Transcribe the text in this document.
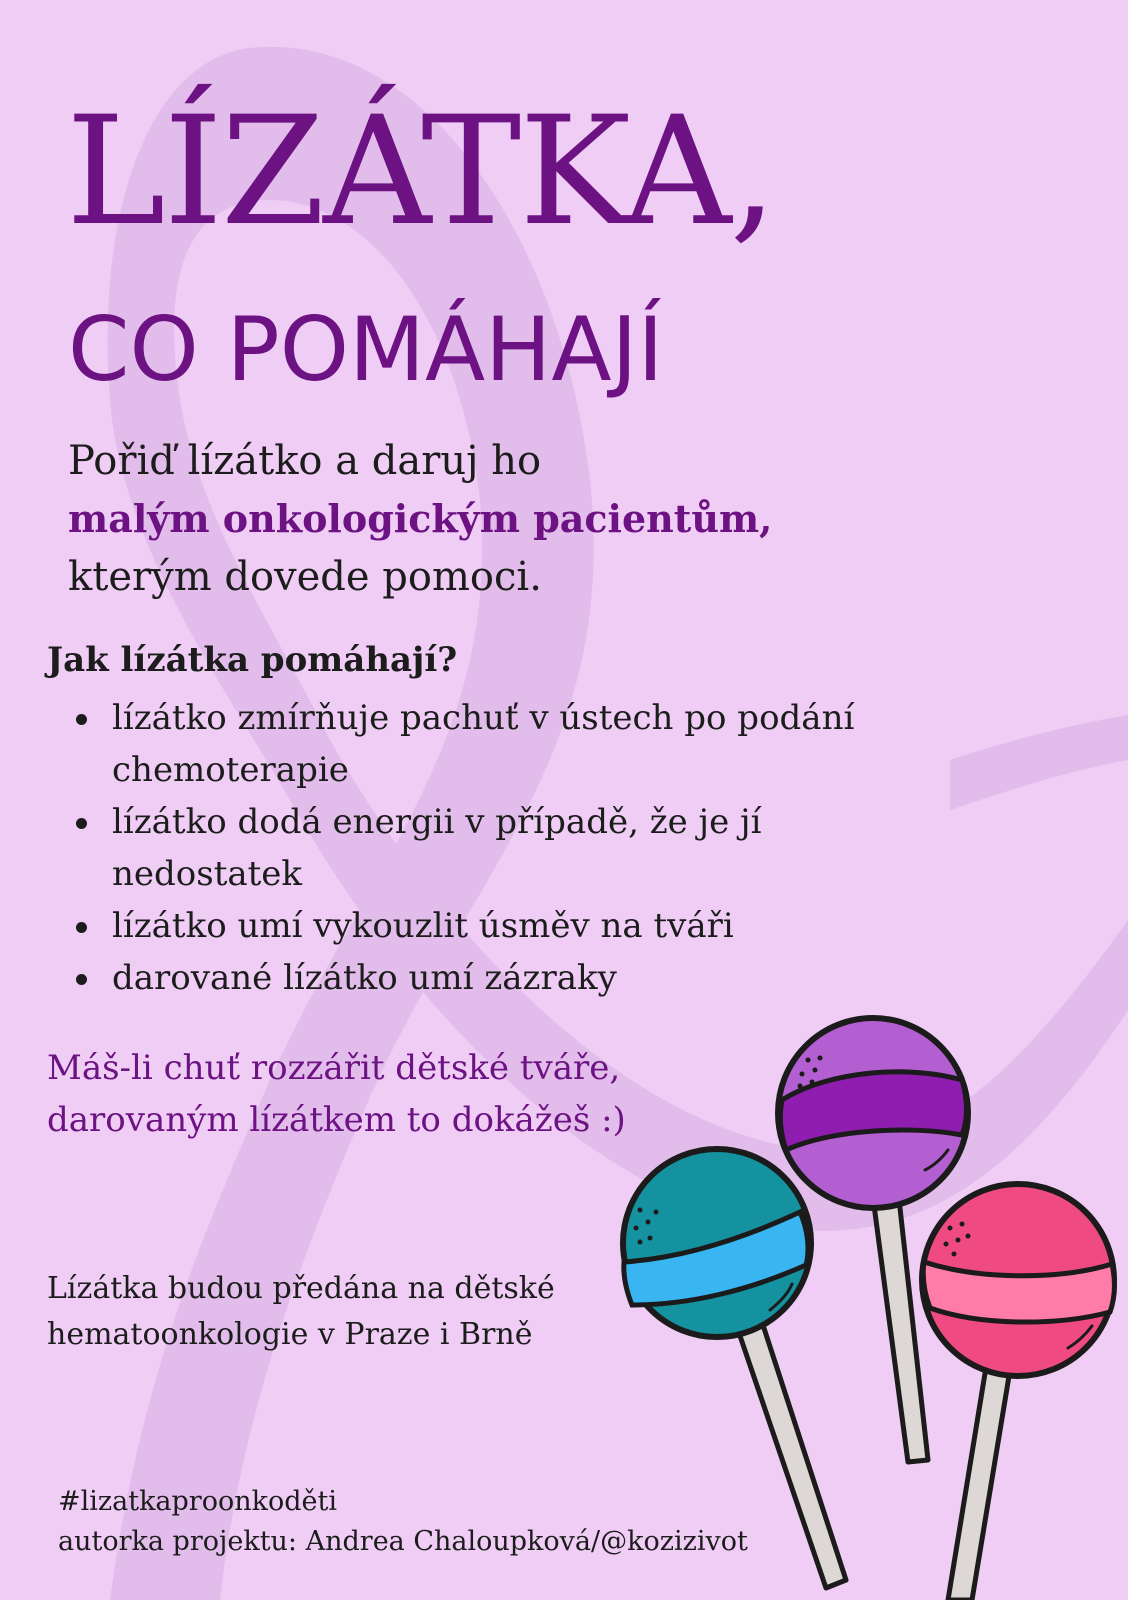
LÍZÁTKA,
CO POMÁHAJÍ
Pořiď lízátko a daruj ho
malým onkologickým pacientům,
kterým dovede pomoci.
Jak lízátka pomáhají?
lízátko zmírňuje pachuť v ústech po podání
chemoterapie
lízátko dodá energii v případě, že je jí
nedostatek
lízátko umí vykouzlit úsměv na tváři
darované lízátko umí zázraky
Máš-li chuť rozzářit dětské tváře,
darovaným lízátkem to dokážeš :)
Lízátka budou předána na dětské
hematoonkologie v Praze i Brně
#lizatkaproonkoděti
autorka projektu: Andrea Chaloupková/@kozizivot
